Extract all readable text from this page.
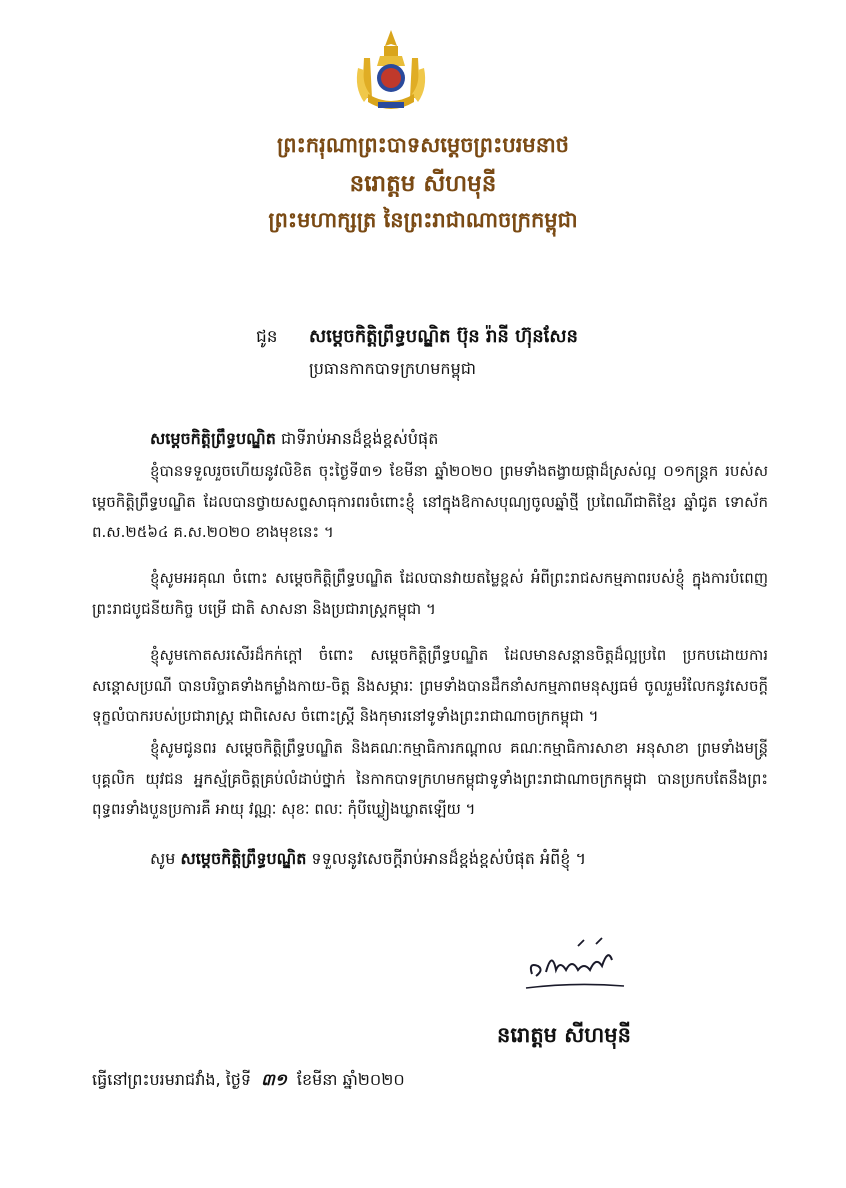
ព្រះករុណាព្រះបាទសម្តេចព្រះបរមនាថ
នរោត្តម សីហមុនី
ព្រះមហាក្សត្រ នៃព្រះរាជាណាចក្រកម្ពុជា
ជូន សម្តេចកិត្តិព្រឹទ្ធបណ្ឌិត ប៊ុន រ៉ានី ហ៊ុនសែន
ប្រធានកាកបាទក្រហមកម្ពុជា
សម្តេចកិត្តិព្រឹទ្ធបណ្ឌិត ជាទីរាប់អានដ៏ខ្ពង់ខ្ពស់បំផុត

ខ្ញុំបានទទួលរួចហើយនូវលិខិត ចុះថ្ងៃទី៣១ ខែមីនា ឆ្នាំ២០២០ ព្រមទាំងតង្វាយផ្កាដ៏ស្រស់ល្អ ០១កន្ត្រក របស់សម្តេចកិត្តិព្រឹទ្ធបណ្ឌិត ដែលបានថ្វាយសព្ទសាធុការពរចំពោះខ្ញុំ នៅក្នុងឱកាសបុណ្យចូលឆ្នាំថ្មី ប្រពៃណីជាតិខ្មែរ ឆ្នាំជូត ទោស័ក ព.ស.២៥៦៤ គ.ស.២០២០ ខាងមុខនេះ ។

ខ្ញុំសូមអរគុណ ចំពោះ សម្តេចកិត្តិព្រឹទ្ធបណ្ឌិត ដែលបានវាយតម្លៃខ្ពស់ អំពីព្រះរាជសកម្មភាពរបស់ខ្ញុំ ក្នុងការបំពេញព្រះរាជបូជនីយកិច្ច បម្រើ ជាតិ សាសនា និងប្រជារាស្ត្រកម្ពុជា ។

ខ្ញុំសូមកោតសរសើរដ៏កក់ក្តៅ ចំពោះ សម្តេចកិត្តិព្រឹទ្ធបណ្ឌិត ដែលមានសន្តានចិត្តដ៏ល្អប្រពៃ ប្រកបដោយការសន្តោសប្រណី បានបរិច្ចាគទាំងកម្លាំងកាយ-ចិត្ត និងសម្ភារៈ ព្រមទាំងបានដឹកនាំសកម្មភាពមនុស្សធម៌ ចូលរួមរំលែកនូវសេចក្តីទុក្ខលំបាករបស់ប្រជារាស្ត្រ ជាពិសេស ចំពោះស្ត្រី និងកុមារនៅទូទាំងព្រះរាជាណាចក្រកម្ពុជា ។

ខ្ញុំសូមជូនពរ សម្តេចកិត្តិព្រឹទ្ធបណ្ឌិត និងគណៈកម្មាធិការកណ្តាល គណៈកម្មាធិការសាខា អនុសាខា ព្រមទាំងមន្ត្រី បុគ្គលិក យុវជន អ្នកស្ម័គ្រចិត្តគ្រប់លំដាប់ថ្នាក់ នៃកាកបាទក្រហមកម្ពុជាទូទាំងព្រះរាជាណាចក្រកម្ពុជា បានប្រកបតែនឹងព្រះពុទ្ធពរទាំងបួនប្រការគឺ អាយុ វណ្ណៈ សុខៈ ពលៈ កុំបីឃ្លៀងឃ្លាតឡើយ ។

សូម សម្តេចកិត្តិព្រឹទ្ធបណ្ឌិត ទទួលនូវសេចក្តីរាប់អានដ៏ខ្ពង់ខ្ពស់បំផុត អំពីខ្ញុំ ។
នរោត្តម សីហមុនី
ធ្វើនៅព្រះបរមរាជវាំង, ថ្ងៃទី ៣១ ខែមីនា ឆ្នាំ២០២០
